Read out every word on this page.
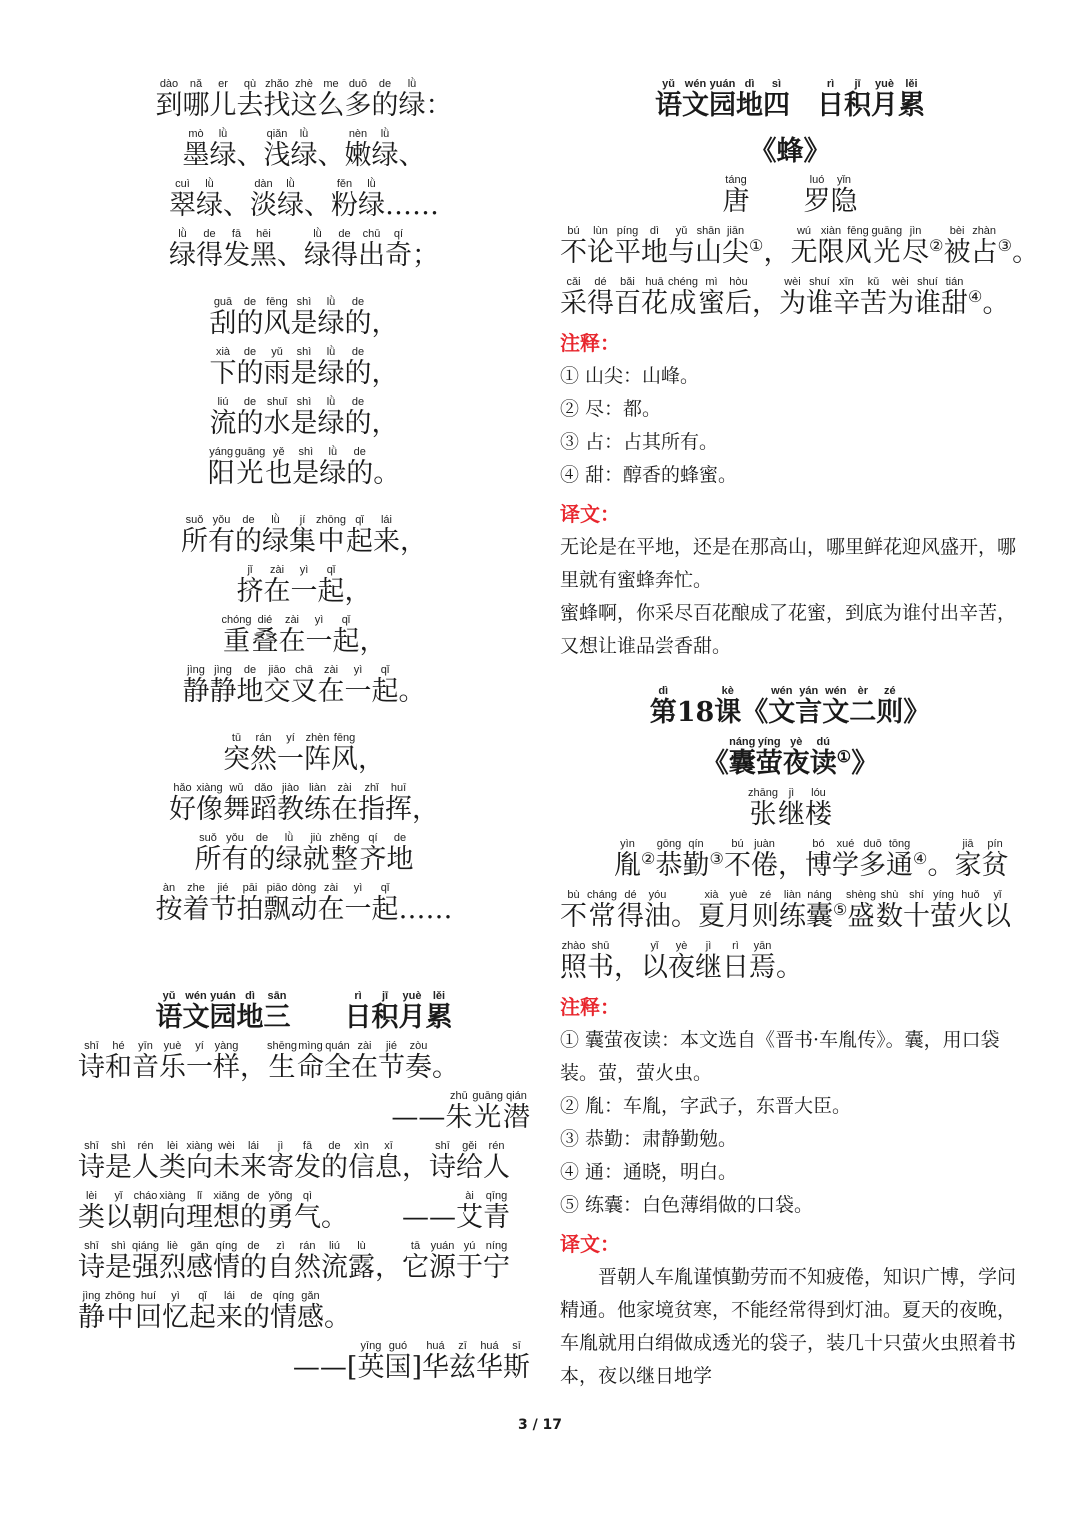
到dào哪nǎ儿er去qù找zhǎo这zhè么me多duō的de绿lǜ：
墨mò绿lǜ、 浅qiǎn绿lǜ、 嫩nèn绿lǜ、
翠cuì绿lǜ、 淡dàn绿lǜ、 粉fěn绿lǜ……
绿lǜ得de发fā黑hēi、 绿lǜ得de出chū奇qí；
刮guā的de风fēng是shì绿lǜ的de，
下xià的de雨yǔ是shì绿lǜ的de，
流liú的de水shuǐ是shì绿lǜ的de，
阳yáng光guāng也yě是shì绿lǜ的de。
所suǒ有yǒu的de绿lǜ集jí中zhōng起qǐ来lái，
挤jǐ在zài一yì起qǐ，
重chóng叠dié在zài一yì起qǐ，
静jìng静jìng地de交jiāo叉chā在zài一yì起qǐ。
突tū然rán一yí阵zhèn风fēng，
好hǎo像xiàng舞wǔ蹈dǎo教jiào练liàn在zài指zhǐ挥huī，
所suǒ有yǒu的de绿lǜ就jiù整zhěng齐qí地de
按àn着zhe节jié拍pāi飘piāo动dòng在zài一yì起qǐ……
语yǔ文wén园yuán地dì三sān　　 日rì积jī月yuè累lěi
诗shī和hé音yīn乐yuè一yí样yàng， 生shēng命mìng全quán在zài节jié奏zòu。
—— 朱zhū光guāng潜qián
诗shī是shì人rén类lèi向xiàng未wèi来lái寄jì发fā的de信xìn息xī， 诗shī给gěi人rén
类lèi以yǐ朝cháo向xiàng理lǐ想xiǎng的de勇yǒng气qì。 　　 —— 艾ài青qīng
诗shī是shì强qiáng烈liè感gǎn情qíng的de自zì然rán流liú露lù， 它tā源yuán于yú宁níng
静jìng中zhōng回huí忆yì起qǐ来lái的de情qíng感gǎn。
—— [ 英yīng国guó] 华huá兹zī华huá斯sī
语yǔ文wén园yuán地dì四sì　 日rì积jī月yuè累lěi
《蜂》
唐táng　　 罗luó隐yǐn
不bú论lùn平píng地dì与yǔ山shān尖jiān①， 无wú限xiàn风fēng光guāng尽jìn②被bèi占zhàn③。
采cǎi得dé百bǎi花huā成chéng蜜mì后hòu， 为wèi谁shuí辛xīn苦kǔ为wèi谁shuí甜tián④。
注释：

① 山尖：山峰。

② 尽：都。

③ 占：占其所有。

④ 甜：醇香的蜂蜜。

译文：

无论是在平地，还是在那高山，哪里鲜花迎风盛开，哪里就有蜜蜂奔忙。

蜜蜂啊，你采尽百花酿成了花蜜，到底为谁付出辛苦，又想让谁品尝香甜。

第dì18 课kè《 文wén言yán文wén二èr则zé》
《 囊náng萤yíng夜yè读dú①》
张zhāng继jì楼lóu
胤yìn②恭gōng勤qín③不bú倦juàn， 博bó学xué多duō通tōng④。 家jiā贫pín
不bù常cháng得dé油yóu。 夏xià月yuè则zé练liàn囊náng⑤盛shèng数shù十shí萤yíng火huǒ以yǐ
照zhào书shū， 以yǐ夜yè继jì日rì焉yān。
注释：

① 囊萤夜读：本文选自《晋书·车胤传》。囊，用口袋装。萤，萤火虫。

② 胤：车胤，字武子，东晋大臣。

③ 恭勤：肃静勤勉。

④ 通：通晓，明白。

⑤ 练囊：白色薄绢做的口袋。

译文：

晋朝人车胤谨慎勤劳而不知疲倦，知识广博，学问精通。他家境贫寒，不能经常得到灯油。夏天的夜晚，车胤就用白绢做成透光的袋子，装几十只萤火虫照着书本，夜以继日地学

3 / 17
